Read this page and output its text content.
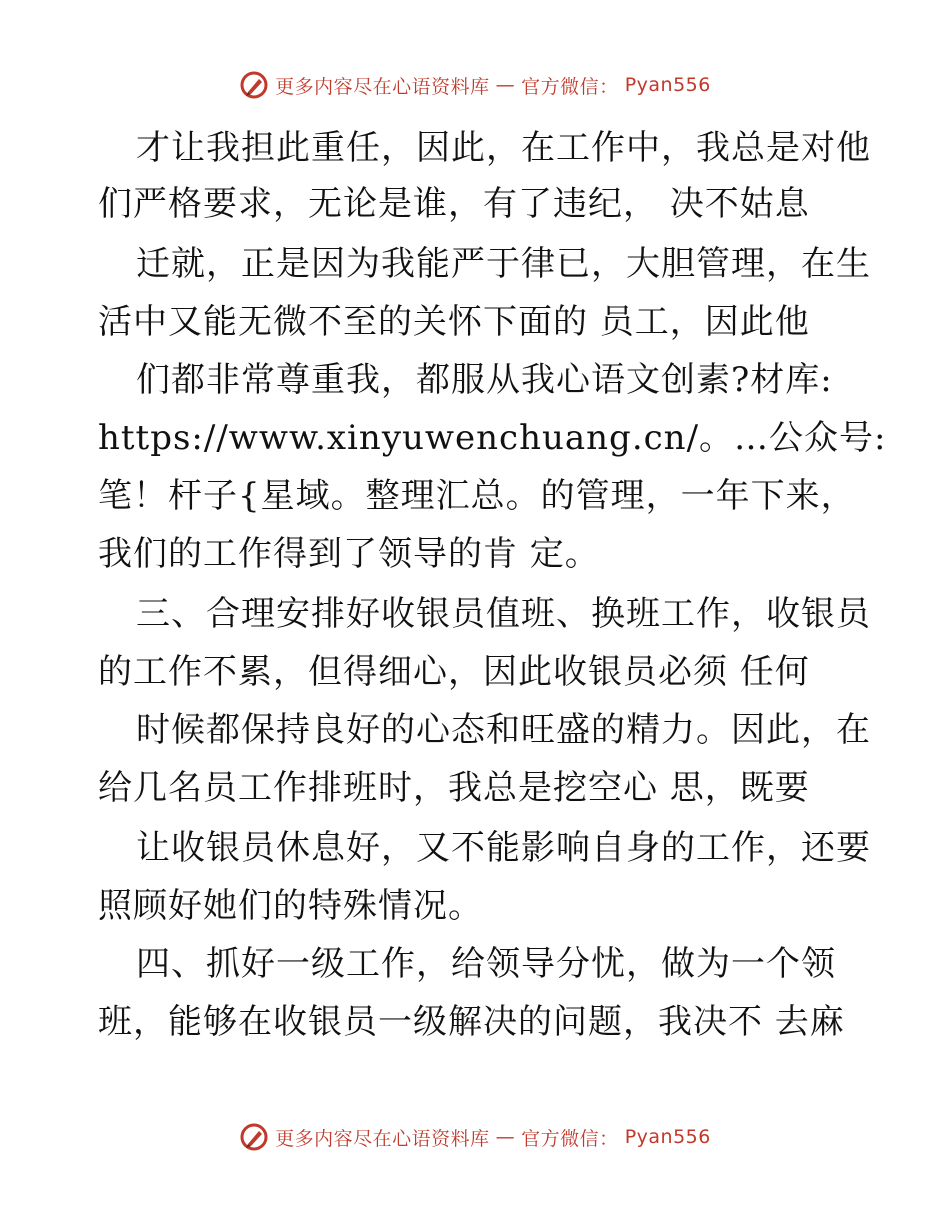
更多内容尽在心语资料库 — 官方微信： Pyan556
才让我担此重任，因此，在工作中，我总是对他
们严格要求，无论是谁，有了违纪， 决不姑息
迁就，正是因为我能严于律已，大胆管理，在生
活中又能无微不至的关怀下面的 员工，因此他
们都非常尊重我，都服从我心语文创素?材库:
https://www.xinyuwenchuang.cn/。…公众号:
笔！杆子{星域。整理汇总。的管理，一年下来，
我们的工作得到了领导的肯 定。
三、合理安排好收银员值班、换班工作，收银员
的工作不累，但得细心，因此收银员必须 任何
时候都保持良好的心态和旺盛的精力。因此，在
给几名员工作排班时，我总是挖空心 思，既要
让收银员休息好，又不能影响自身的工作，还要
照顾好她们的特殊情况。
四、抓好一级工作，给领导分忧，做为一个领
班，能够在收银员一级解决的问题，我决不 去麻
更多内容尽在心语资料库 — 官方微信： Pyan556
